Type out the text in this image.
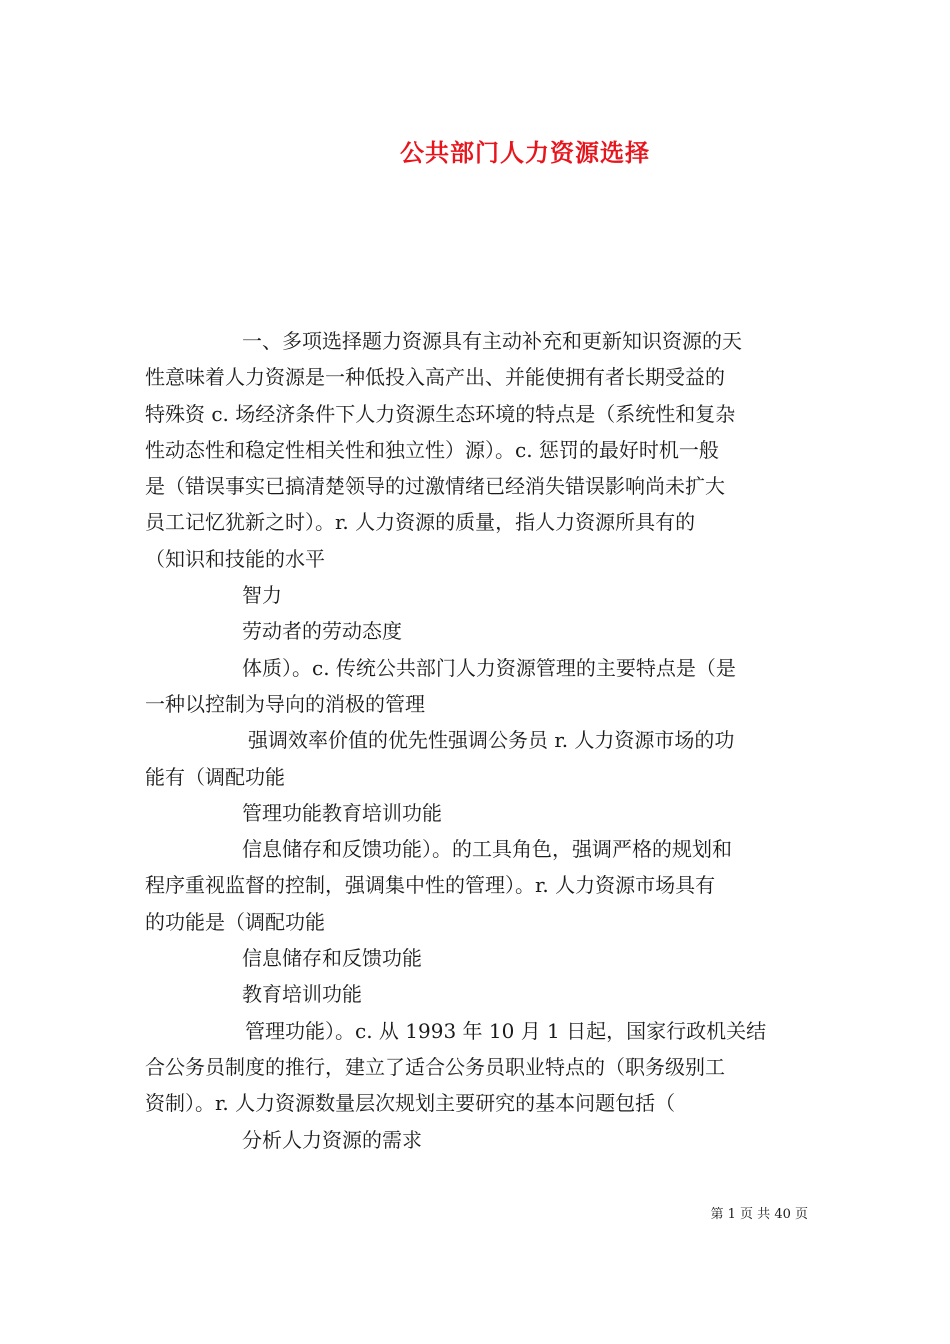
公共部门人力资源选择
一、多项选择题力资源具有主动补充和更新知识资源的天
性意味着人力资源是一种低投入高产出、并能使拥有者长期受益的
特殊资 c. 场经济条件下人力资源生态环境的特点是（系统性和复杂
性动态性和稳定性相关性和独立性）源）。c. 惩罚的最好时机一般
是（错误事实已搞清楚领导的过激情绪已经消失错误影响尚未扩大
员工记忆犹新之时）。r. 人力资源的质量，指人力资源所具有的
（知识和技能的水平
智力
劳动者的劳动态度
体质）。c. 传统公共部门人力资源管理的主要特点是（是
一种以控制为导向的消极的管理
强调效率价值的优先性强调公务员 r. 人力资源市场的功
能有（调配功能
管理功能教育培训功能
信息储存和反馈功能）。的工具角色，强调严格的规划和
程序重视监督的控制，强调集中性的管理）。r. 人力资源市场具有
的功能是（调配功能
信息储存和反馈功能
教育培训功能
管理功能）。c. 从 1993 年 10 月 1 日起，国家行政机关结
合公务员制度的推行，建立了适合公务员职业特点的（职务级别工
资制）。r. 人力资源数量层次规划主要研究的基本问题包括（
分析人力资源的需求
第 1 页 共 40 页
